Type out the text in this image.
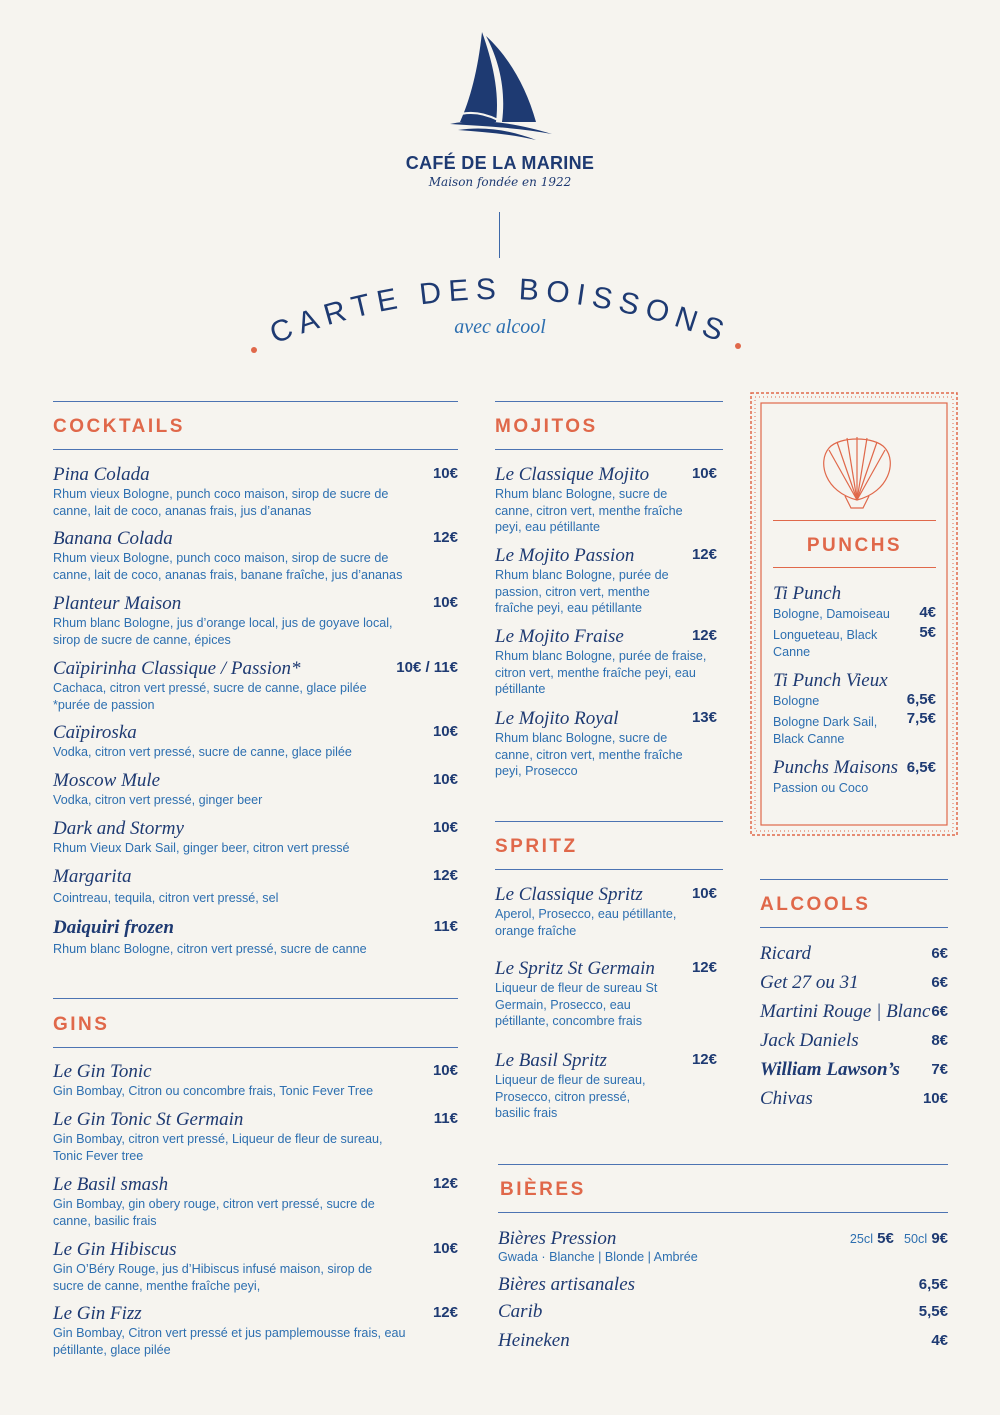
CAFÉ DE LA MARINE
Maison fondée en 1922
CARTE DES BOISSONS
avec alcool
COCKTAILS
Pina Colada
Rhum vieux Bologne, punch coco maison, sirop de sucre de canne, lait de coco, ananas frais, jus d’ananas
10€
Banana Colada
Rhum vieux Bologne, punch coco maison, sirop de sucre de canne, lait de coco, ananas frais, banane fraîche, jus d’ananas
12€
Planteur Maison
Rhum blanc Bologne, jus d’orange local, jus de goyave local, sirop de sucre de canne, épices
10€
Caïpirinha Classique / Passion*
Cachaca, citron vert pressé, sucre de canne, glace pilée *purée de passion
10€ / 11€
Caïpiroska
Vodka, citron vert pressé, sucre de canne, glace pilée
10€
Moscow Mule
Vodka, citron vert pressé, ginger beer
10€
Dark and Stormy
Rhum Vieux Dark Sail, ginger beer, citron vert pressé
10€
Margarita
Cointreau, tequila, citron vert pressé, sel
12€
Daiquiri frozen
Rhum blanc Bologne, citron vert pressé, sucre de canne
11€
GINS
Le Gin Tonic
Gin Bombay, Citron ou concombre frais, Tonic Fever Tree
10€
Le Gin Tonic St Germain
Gin Bombay, citron vert pressé, Liqueur de fleur de sureau, Tonic Fever tree
11€
Le Basil smash
Gin Bombay, gin obery rouge, citron vert pressé, sucre de canne, basilic frais
12€
Le Gin Hibiscus
Gin O’Béry Rouge, jus d’Hibiscus infusé maison, sirop de sucre de canne, menthe fraîche peyi,
10€
Le Gin Fizz
Gin Bombay, Citron vert pressé et jus pamplemousse frais, eau pétillante, glace pilée
12€
MOJITOS
Le Classique Mojito
Rhum blanc Bologne, sucre de canne, citron vert, menthe fraîche peyi, eau pétillante
10€
Le Mojito Passion
Rhum blanc Bologne, purée de passion, citron vert, menthe fraîche peyi, eau pétillante
12€
Le Mojito Fraise
Rhum blanc Bologne, purée de fraise, citron vert, menthe fraîche peyi, eau pétillante
12€
Le Mojito Royal
Rhum blanc Bologne, sucre de canne, citron vert, menthe fraîche peyi, Prosecco
13€
SPRITZ
Le Classique Spritz
Aperol, Prosecco, eau pétillante, orange fraîche
10€
Le Spritz St Germain
Liqueur de fleur de sureau St Germain, Prosecco, eau pétillante, concombre frais
12€
Le Basil Spritz
Liqueur de fleur de sureau, Prosecco, citron pressé, basilic frais
12€
PUNCHS
Ti Punch
Bologne, Damoiseau	4€
Longueteau, Black Canne
5€
Ti Punch Vieux
Bologne	6,5€
Bologne Dark Sail, Black Canne
7,5€
Punchs Maisons 6,5€
Passion ou Coco
ALCOOLS
Ricard	6€
Get 27 ou 31	6€
Martini Rouge | Blanc 6€
Jack Daniels	8€
William Lawson’s	7€
Chivas	10€
BIÈRES
Bières Pression
Gwada · Blanche | Blonde | Ambrée
25cl 5€ 50cl 9€
Bières artisanales	6,5€
Carib	5,5€
Heineken	4€
